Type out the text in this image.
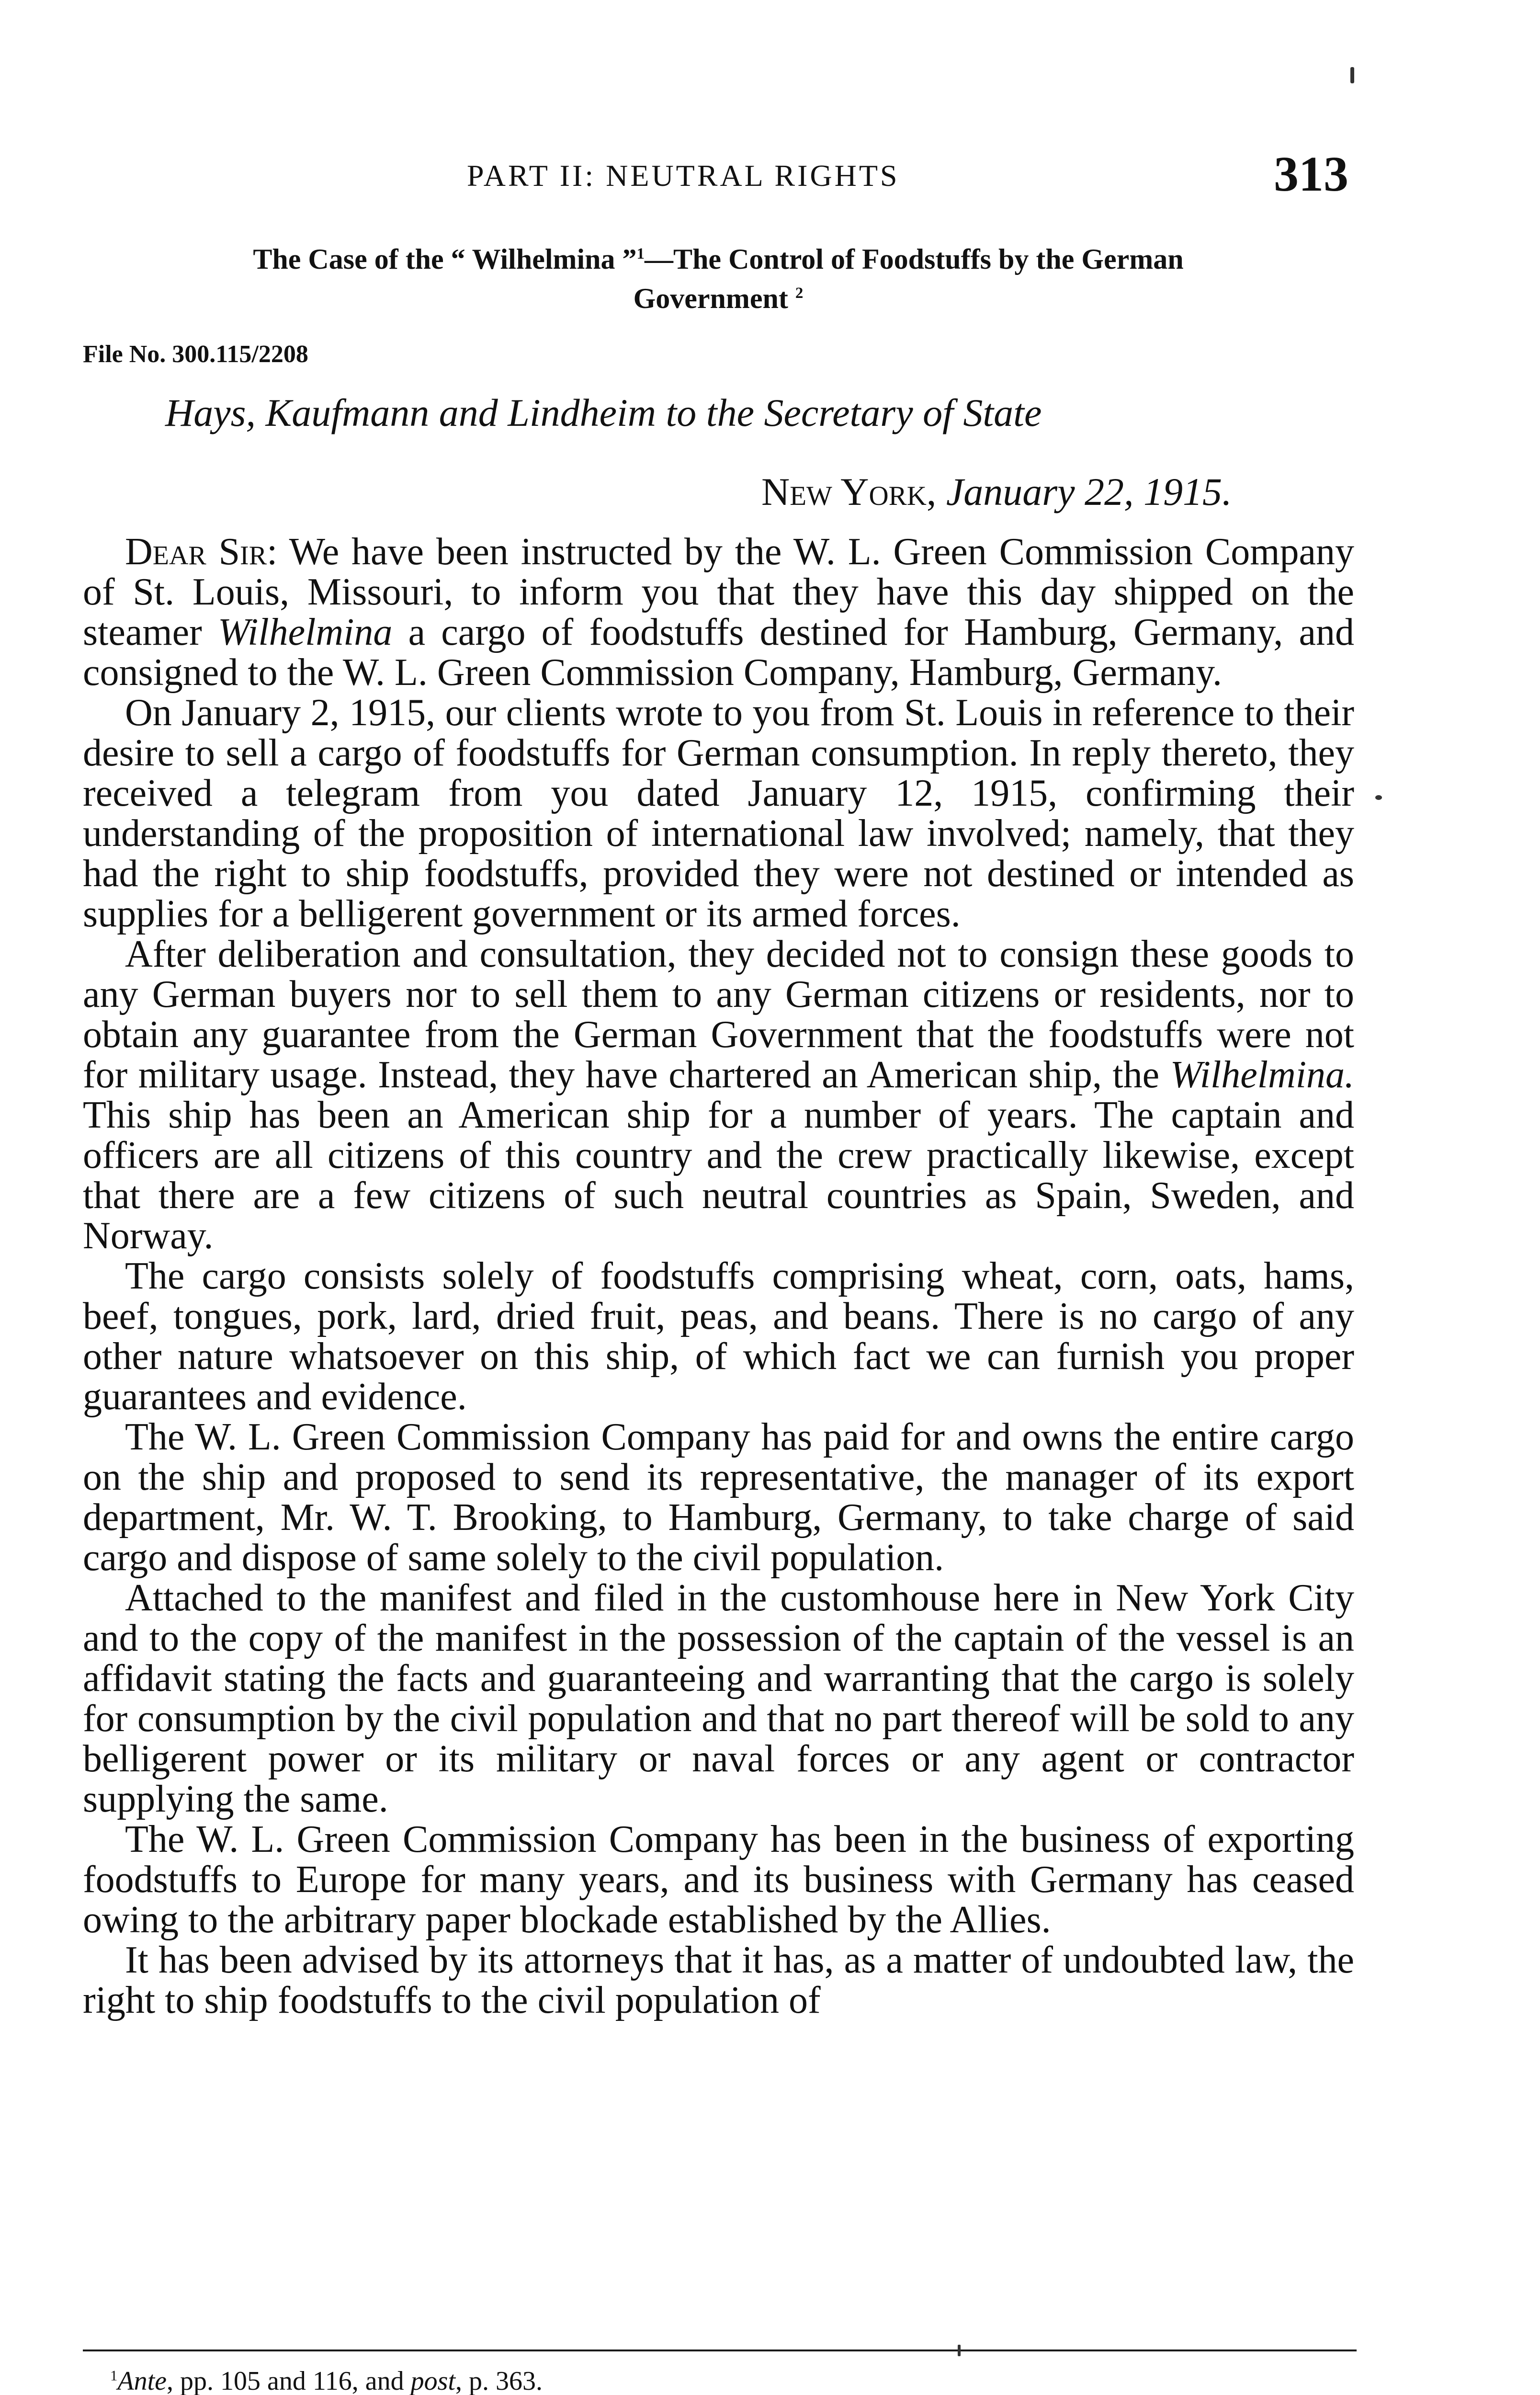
PART II: NEUTRAL RIGHTS	313
The Case of the “ Wilhelmina ”$^1$—The Control of Foodstuffs by the German
Government $^2$
File No. 300.115/2208
Hays, Kaufmann and Lindheim to the Secretary of State
New York, January 22, 1915.

Dear Sir: We have been instructed by the W. L. Green Commission Company of St. Louis, Missouri, to inform you that they have this day shipped on the steamer Wilhelmina a cargo of foodstuffs destined for Hamburg, Germany, and consigned to the W. L. Green Commission Company, Hamburg, Germany.

On January 2, 1915, our clients wrote to you from St. Louis in reference to their desire to sell a cargo of foodstuffs for German consumption. In reply thereto, they received a telegram from you dated January 12, 1915, confirming their understanding of the proposition of international law involved; namely, that they had the right to ship foodstuffs, provided they were not destined or intended as supplies for a belligerent government or its armed forces.

After deliberation and consultation, they decided not to consign these goods to any German buyers nor to sell them to any German citizens or residents, nor to obtain any guarantee from the German Government that the foodstuffs were not for military usage. Instead, they have chartered an American ship, the Wilhelmina. This ship has been an American ship for a number of years. The captain and officers are all citizens of this country and the crew practically likewise, except that there are a few citizens of such neutral countries as Spain, Sweden, and Norway.

The cargo consists solely of foodstuffs comprising wheat, corn, oats, hams, beef, tongues, pork, lard, dried fruit, peas, and beans. There is no cargo of any other nature whatsoever on this ship, of which fact we can furnish you proper guarantees and evidence.

The W. L. Green Commission Company has paid for and owns the entire cargo on the ship and proposed to send its representative, the manager of its export department, Mr. W. T. Brooking, to Hamburg, Germany, to take charge of said cargo and dispose of same solely to the civil population.

Attached to the manifest and filed in the customhouse here in New York City and to the copy of the manifest in the possession of the captain of the vessel is an affidavit stating the facts and guaranteeing and warranting that the cargo is solely for consumption by the civil population and that no part thereof will be sold to any belligerent power or its military or naval forces or any agent or contractor supplying the same.

The W. L. Green Commission Company has been in the business of exporting foodstuffs to Europe for many years, and its business with Germany has ceased owing to the arbitrary paper blockade established by the Allies.

It has been advised by its attorneys that it has, as a matter of undoubted law, the right to ship foodstuffs to the civil population of

$^1$Ante, pp. 105 and 116, and post, p. 363.
